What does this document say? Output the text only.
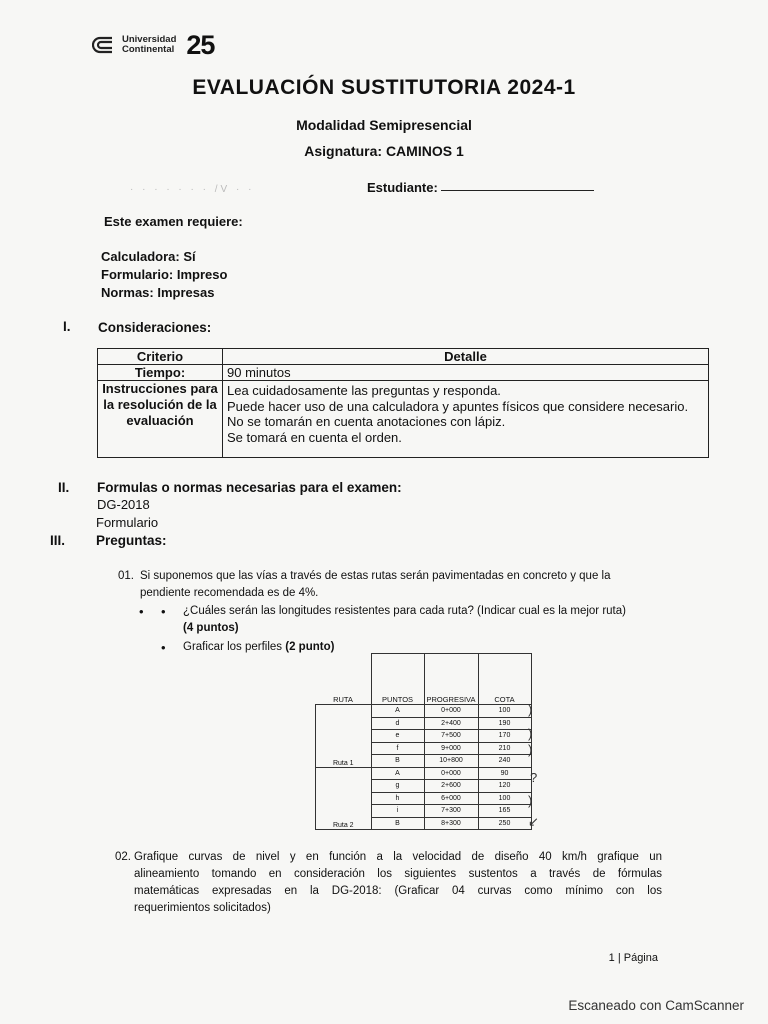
Universidad
Continental 25
EVALUACIÓN SUSTITUTORIA 2024-1
Modalidad Semipresencial
Asignatura: CAMINOS 1
· · · · · · · /V · ·	Estudiante:
Este examen requiere:
Calculadora: Sí
Formulario: Impreso
Normas: Impresas
I. Consideraciones:
Criterio	Detalle
Tiempo:	90 minutos
Instrucciones para la resolución de la evaluación	Lea cuidadosamente las preguntas y responda.
Puede hacer uso de una calculadora y apuntes físicos que considere necesario.
No se tomarán en cuenta anotaciones con lápiz.
Se tomará en cuenta el orden.
II. Formulas o normas necesarias para el examen:
DG-2018
Formulario
III. Preguntas:
01. Si suponemos que las vías a través de estas rutas serán pavimentadas en concreto y que la
pendiente recomendada es de 4%.
• ¿Cuáles serán las longitudes resistentes para cada ruta? (Indicar cual es la mejor ruta)
(4 puntos)
• Graficar los perfiles (2 punto)
RUTA	PUNTOS	PROGRESIVA	COTA
Ruta 1	A	0+000	100
	d	2+400	190
	e	7+500	170
	f	9+000	210
	B	10+800	240
Ruta 2	A	0+000	90
	g	2+600	120
	h	6+000	100
	i	7+300	165
	B	8+300	250
)
)
)
?
)
↙
02. Grafique curvas de nivel y en función a la velocidad de diseño 40 km/h grafique un
alineamiento tomando en consideración los siguientes sustentos a través de fórmulas
matemáticas expresadas en la DG-2018: (Graficar 04 curvas como mínimo con los
requerimientos solicitados)
1 | Página
Escaneado con CamScanner
